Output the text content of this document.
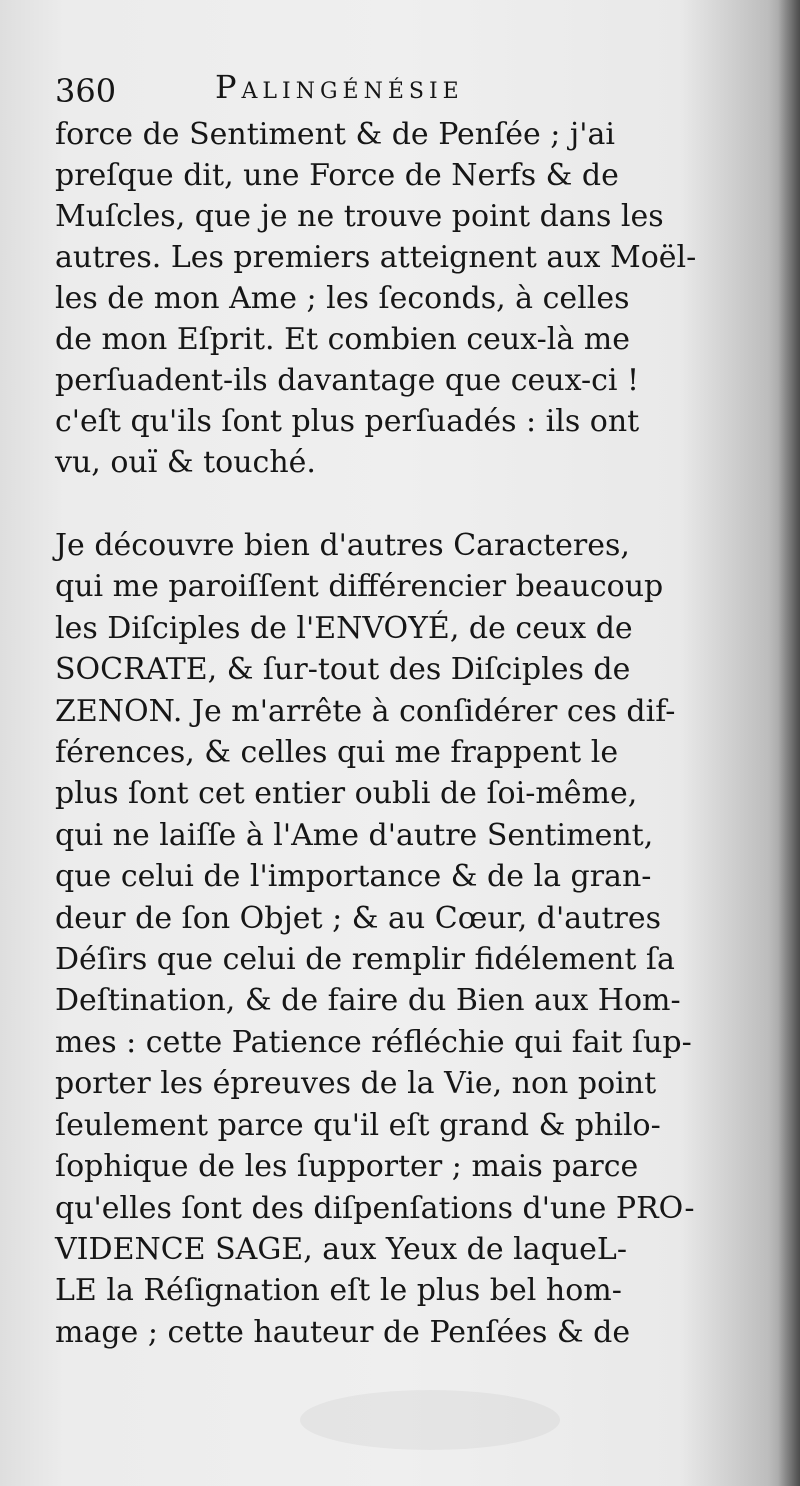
360	Palingénésie

force de Sentiment & de Penſée ; j'ai
preſque dit, une Force de Nerfs & de
Muſcles, que je ne trouve point dans les
autres. Les premiers atteignent aux Moël-
les de mon Ame ; les ſeconds, à celles
de mon Eſprit. Et combien ceux-là me
perſuadent-ils davantage que ceux-ci !
c'eſt qu'ils ſont plus perſuadés : ils ont
vu, ouï & touché.

Je découvre bien d'autres Caracteres,
qui me paroiſſent différencier beaucoup
les Diſciples de l'ENVOYÉ, de ceux de
SOCRATE, & ſur-tout des Diſciples de
ZENON. Je m'arrête à conſidérer ces dif-
férences, & celles qui me frappent le
plus ſont cet entier oubli de ſoi-même,
qui ne laiſſe à l'Ame d'autre Sentiment,
que celui de l'importance & de la gran-
deur de ſon Objet ; & au Cœur, d'autres
Déſirs que celui de remplir fidélement ſa
Deſtination, & de faire du Bien aux Hom-
mes : cette Patience réfléchie qui fait ſup-
porter les épreuves de la Vie, non point
ſeulement parce qu'il eſt grand & philo-
ſophique de les ſupporter ; mais parce
qu'elles ſont des diſpenſations d'une PRO-
VIDENCE SAGE, aux Yeux de laqueL-
LE la Réſignation eſt le plus bel hom-
mage ; cette hauteur de Penſées & de
